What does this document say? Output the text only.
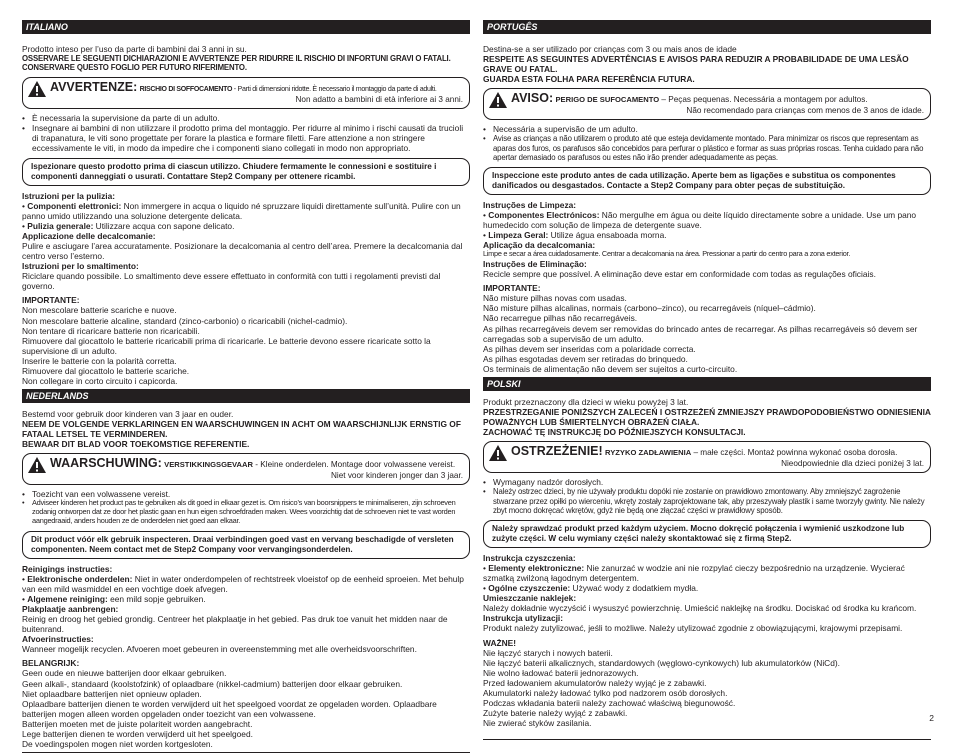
ITALIANO

Prodotto inteso per l’uso da parte di bambini dai 3 anni in su.

OSSERVARE LE SEGUENTI DICHIARAZIONI E AVVERTENZE PER RIDURRE IL RISCHIO DI INFORTUNI GRAVI O FATALI. CONSERVARE QUESTO FOGLIO PER FUTURO RIFERIMENTO.

AVVERTENZE: RISCHIO DI SOFFOCAMENTO - Parti di dimensioni ridotte. È necessario il montaggio da parte di adulti.
Non adatto a bambini di età inferiore ai 3 anni.
• È necessaria la supervisione da parte di un adulto.
• Insegnare ai bambini di non utilizzare il prodotto prima del montaggio. Per ridurre al minimo i rischi causati da trucioli di trapanatura, le viti sono progettate per forare la plastica e formare filetti. Fare attenzione a non stringere eccessivamente le viti, in modo da impedire che i componenti siano collegati in modo non appropriato.
Ispezionare questo prodotto prima di ciascun utilizzo. Chiudere fermamente le connessioni e sostituire i componenti danneggiati o usurati. Contattare Step2 Company per ottenere ricambi.

Istruzioni per la pulizia:

• Componenti elettronici: Non immergere in acqua o liquido né spruzzare liquidi direttamente sull’unità. Pulire con un panno umido utilizzando una soluzione detergente delicata.

• Pulizia generale: Utilizzare acqua con sapone delicato.

Applicazione delle decalcomanie:

Pulire e asciugare l’area accuratamente. Posizionare la decalcomania al centro dell’area. Premere la decalcomania dal centro verso l’esterno.

Istruzioni per lo smaltimento:

Riciclare quando possibile. Lo smaltimento deve essere effettuato in conformità con tutti i regolamenti previsti dal governo.

IMPORTANTE:

Non mescolare batterie scariche e nuove.

Non mescolare batterie alcaline, standard (zinco-carbonio) o ricaricabili (nichel-cadmio).

Non tentare di ricaricare batterie non ricaricabili.

Rimuovere dal giocattolo le batterie ricaricabili prima di ricaricarle. Le batterie devono essere ricaricate sotto la supervisione di un adulto.

Inserire le batterie con la polarità corretta.

Rimuovere dal giocattolo le batterie scariche.

Non collegare in corto circuito i capicorda.

NEDERLANDS

Bestemd voor gebruik door kinderen van 3 jaar en ouder.

NEEM DE VOLGENDE VERKLARINGEN EN WAARSCHUWINGEN IN ACHT OM WAARSCHIJNLIJK ERNSTIG OF FATAAL LETSEL TE VERMINDEREN.

BEWAAR DIT BLAD VOOR TOEKOMSTIGE REFERENTIE.

WAARSCHUWING: VERSTIKKINGSGEVAAR - Kleine onderdelen. Montage door volwassene vereist.
Niet voor kinderen jonger dan 3 jaar.
• Toezicht van een volwassene vereist.
•	Adviseer kinderen het product pas te gebruiken als dit goed in elkaar gezet is. Om risico’s van boorsnippers te minimaliseren, zijn schroeven zodanig ontworpen dat ze door het plastic gaan en hun eigen schroefdraden maken. Wees voorzichtig dat de schroeven niet te vast worden aangedraaid, anders houden ze de onderdelen niet goed aan elkaar.
Dit product vóór elk gebruik inspecteren. Draai verbindingen goed vast en vervang beschadigde of versleten componenten. Neem contact met de Step2 Company voor vervangingsonderdelen.

Reinigings instructies:

• Elektronische onderdelen: Niet in water onderdompelen of rechtstreek vloeistof op de eenheid sproeien. Met behulp van een mild wasmiddel en een vochtige doek afvegen.

• Algemene reiniging: een mild sopje gebruiken.

Plakplaatje aanbrengen:

Reinig en droog het gebied grondig. Centreer het plakplaatje in het gebied. Pas druk toe vanuit het midden naar de buitenrand.

Afvoerinstructies:

Wanneer mogelijk recyclen. Afvoeren moet gebeuren in overeenstemming met alle overheidsvoorschriften.

BELANGRIJK:

Geen oude en nieuwe batterijen door elkaar gebruiken.

Geen alkali-, standaard (koolstofzink) of oplaadbare (nikkel-cadmium) batterijen door elkaar gebruiken.

Niet oplaadbare batterijen niet opnieuw opladen.

Oplaadbare batterijen dienen te worden verwijderd uit het speelgoed voordat ze opgeladen worden. Oplaadbare batterijen mogen alleen worden opgeladen onder toezicht van een volwassene.

Batterijen moeten met de juiste polariteit worden aangebracht.

Lege batterijen dienen te worden verwijderd uit het speelgoed.

De voedingspolen mogen niet worden kortgesloten.

PORTUGÊS

Destina-se a ser utilizado por crianças com 3 ou mais anos de idade

RESPEITE AS SEGUINTES ADVERTÊNCIAS E AVISOS PARA REDUZIR A PROBABILIDADE DE UMA LESÃO GRAVE OU FATAL.

GUARDA ESTA FOLHA PARA REFERÊNCIA FUTURA.

AVISO: PERIGO DE SUFOCAMENTO – Peças pequenas. Necessária a montagem por adultos.
Não recomendado para crianças com menos de 3 anos de idade.
• Necessária a supervisão de um adulto.
• Avise as crianças a não utilizarem o produto até que esteja devidamente montado. Para minimizar os riscos que representam as aparas dos furos, os parafusos são concebidos para perfurar o plástico e formar as suas próprias roscas. Tenha cuidado para não apertar demasiado os parafusos ou estes não irão prender adequadamente as peças.
Inspeccione este produto antes de cada utilização. Aperte bem as ligações e substitua os componentes danificados ou desgastados. Contacte a Step2 Company para obter peças de substituição.

Instruções de Limpeza:

• Componentes Electrónicos: Não mergulhe em água ou deite líquido directamente sobre a unidade. Use um pano humedecido com solução de limpeza de detergente suave.

• Limpeza Geral: Utilize água ensaboada morna.

Aplicação da decalcomania:

Limpe e secar a área cuidadosamente. Centrar a decalcomania na área. Pressionar a partir do centro para a zona exterior.

Instruções de Eliminação:

Recicle sempre que possível. A eliminação deve estar em conformidade com todas as regulações oficiais.

IMPORTANTE:

Não misture pilhas novas com usadas.

Não misture pilhas alcalinas, normais (carbono–zinco), ou recarregáveis (níquel–cádmio).

Não recarregue pilhas não recarregáveis.

As pilhas recarregáveis devem ser removidas do brincado antes de recarregar. As pilhas recarregáveis só devem ser carregadas sob a supervisão de um adulto.

As pilhas devem ser inseridas com a polaridade correcta.

As pilhas esgotadas devem ser retiradas do brinquedo.

Os terminais de alimentação não devem ser sujeitos a curto-circuito.

POLSKI

Produkt przeznaczony dla dzieci w wieku powyżej 3 lat.

PRZESTRZEGANIE PONIŻSZYCH ZALECEŃ I OSTRZEŻEŃ ZMNIEJSZY PRAWDOPODOBIEŃSTWO ODNIESIENIA POWAŻNYCH LUB ŚMIERTELNYCH OBRAŻEŃ CIAŁA.

ZACHOWAĆ TĘ INSTRUKCJĘ DO PÓŹNIEJSZYCH KONSULTACJI.

OSTRZEŻENIE! RYZYKO ZADŁAWIENIA – małe części. Montaż powinna wykonać osoba dorosła.
Nieodpowiednie dla dzieci poniżej 3 lat.
• Wymagany nadzór dorosłych.
• Należy ostrzec dzieci, by nie używały produktu dopóki nie zostanie on prawidłowo zmontowany. Aby zmniejszyć zagrożenie stwarzane przez opiłki po wierceniu, wkręty zostały zaprojektowane tak, aby przeszywały plastik i same tworzyły gwinty. Nie należy zbyt mocno dokręcać wkrętów, gdyż nie będą one złączać części w prawidłowy sposób.
Należy sprawdzać produkt przed każdym użyciem. Mocno dokręcić połączenia i wymienić uszkodzone lub zużyte części. W celu wymiany części należy skontaktować się z firmą Step2.

Instrukcja czyszczenia:

• Elementy elektroniczne: Nie zanurzać w wodzie ani nie rozpylać cieczy bezpośrednio na urządzenie. Wycierać szmatką zwilżoną łagodnym detergentem.

• Ogólne czyszczenie: Używać wody z dodatkiem mydła.

Umieszczanie naklejek:

Należy dokładnie wyczyścić i wysuszyć powierzchnię. Umieścić naklejkę na środku. Dociskać od środka ku krańcom.

Instrukcja utylizacji:

Produkt należy zutylizować, jeśli to możliwe. Należy utylizować zgodnie z obowiązującymi, krajowymi przepisami.

WAŻNE!

Nie łączyć starych i nowych baterii.

Nie łączyć baterii alkalicznych, standardowych (węglowo-cynkowych) lub akumulatorków (NiCd).

Nie wolno ładować baterii jednorazowych.

Przed ładowaniem akumulatorów należy wyjąć je z zabawki.

Akumulatorki należy ładować tylko pod nadzorem osób dorosłych.

Podczas wkładania baterii należy zachować właściwą biegunowość.

Zużyte baterie należy wyjąć z zabawki.

Nie zwierać styków zasilania.

2
